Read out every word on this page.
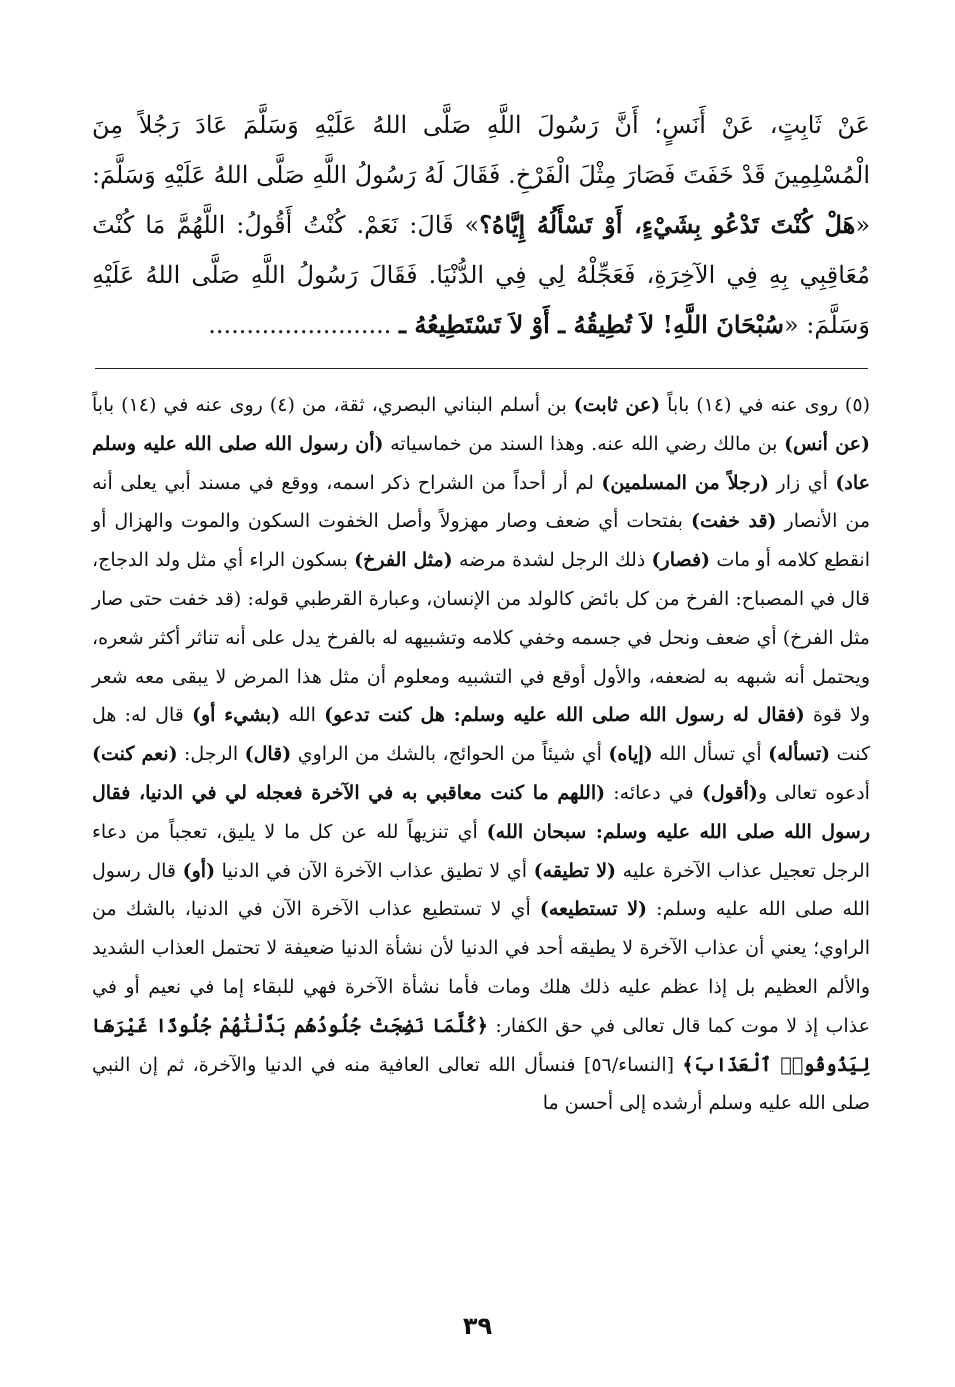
عَنْ ثَابِتٍ، عَنْ أَنَسٍ؛ أَنَّ رَسُولَ اللَّهِ صَلَّى اللهُ عَلَيْهِ وَسَلَّمَ عَادَ رَجُلاً مِنَ الْمُسْلِمِينَ قَدْ خَفَتَ فَصَارَ مِثْلَ الْفَرْخِ. فَقَالَ لَهُ رَسُولُ اللَّهِ صَلَّى اللهُ عَلَيْهِ وَسَلَّمَ: «هَلْ كُنْتَ تَدْعُو بِشَيْءٍ، أَوْ تَسْأَلُهُ إِيَّاهُ؟» قَالَ: نَعَمْ. كُنْتُ أَقُولُ: اللَّهُمَّ مَا كُنْتَ مُعَاقِبِي بِهِ فِي الآخِرَةِ، فَعَجِّلْهُ لِي فِي الدُّنْيَا. فَقَالَ رَسُولُ اللَّهِ صَلَّى اللهُ عَلَيْهِ وَسَلَّمَ: «سُبْحَانَ اللَّهِ! لاَ تُطِيقُهُ ـ أَوْ لاَ تَسْتَطِيعُهُ ـ ........................

(٥) روى عنه في (١٤) باباً (عن ثابت) بن أسلم البناني البصري، ثقة، من (٤) روى عنه في (١٤) باباً (عن أنس) بن مالك رضي الله عنه. وهذا السند من خماسياته (أن رسول الله صلى الله عليه وسلم عاد) أي زار (رجلاً من المسلمين) لم أر أحداً من الشراح ذكر اسمه، ووقع في مسند أبي يعلى أنه من الأنصار (قد خفت) بفتحات أي ضعف وصار مهزولاً وأصل الخفوت السكون والموت والهزال أو انقطع كلامه أو مات (فصار) ذلك الرجل لشدة مرضه (مثل الفرخ) بسكون الراء أي مثل ولد الدجاج، قال في المصباح: الفرخ من كل بائض كالولد من الإنسان، وعبارة القرطبي قوله: (قد خفت حتى صار مثل الفرخ) أي ضعف ونحل في جسمه وخفي كلامه وتشبيهه له بالفرخ يدل على أنه تناثر أكثر شعره، ويحتمل أنه شبهه به لضعفه، والأول أوقع في التشبيه ومعلوم أن مثل هذا المرض لا يبقى معه شعر ولا قوة (فقال له رسول الله صلى الله عليه وسلم: هل كنت تدعو) الله (بشيء أو) قال له: هل كنت (تسأله) أي تسأل الله (إياه) أي شيئاً من الحوائج، بالشك من الراوي (قال) الرجل: (نعم كنت) أدعوه تعالى و(أقول) في دعائه: (اللهم ما كنت معاقبي به في الآخرة فعجله لي في الدنيا، فقال رسول الله صلى الله عليه وسلم: سبحان الله) أي تنزيهاً لله عن كل ما لا يليق، تعجباً من دعاء الرجل تعجيل عذاب الآخرة عليه (لا تطيقه) أي لا تطيق عذاب الآخرة الآن في الدنيا (أو) قال رسول الله صلى الله عليه وسلم: (لا تستطيعه) أي لا تستطيع عذاب الآخرة الآن في الدنيا، بالشك من الراوي؛ يعني أن عذاب الآخرة لا يطيقه أحد في الدنيا لأن نشأة الدنيا ضعيفة لا تحتمل العذاب الشديد والألم العظيم بل إذا عظم عليه ذلك هلك ومات فأما نشأة الآخرة فهي للبقاء إما في نعيم أو في عذاب إذ لا موت كما قال تعالى في حق الكفار: ﴿كُلَّمَا نَضِجَتْ جُلُودُهُم بَدَّلْنَٰهُمْ جُلُودًا غَيْرَهَا لِيَذُوقُوا۟ ٱلْعَذَابَ﴾ [النساء/٥٦] فنسأل الله تعالى العافية منه في الدنيا والآخرة، ثم إن النبي صلى الله عليه وسلم أرشده إلى أحسن ما

٣٩
